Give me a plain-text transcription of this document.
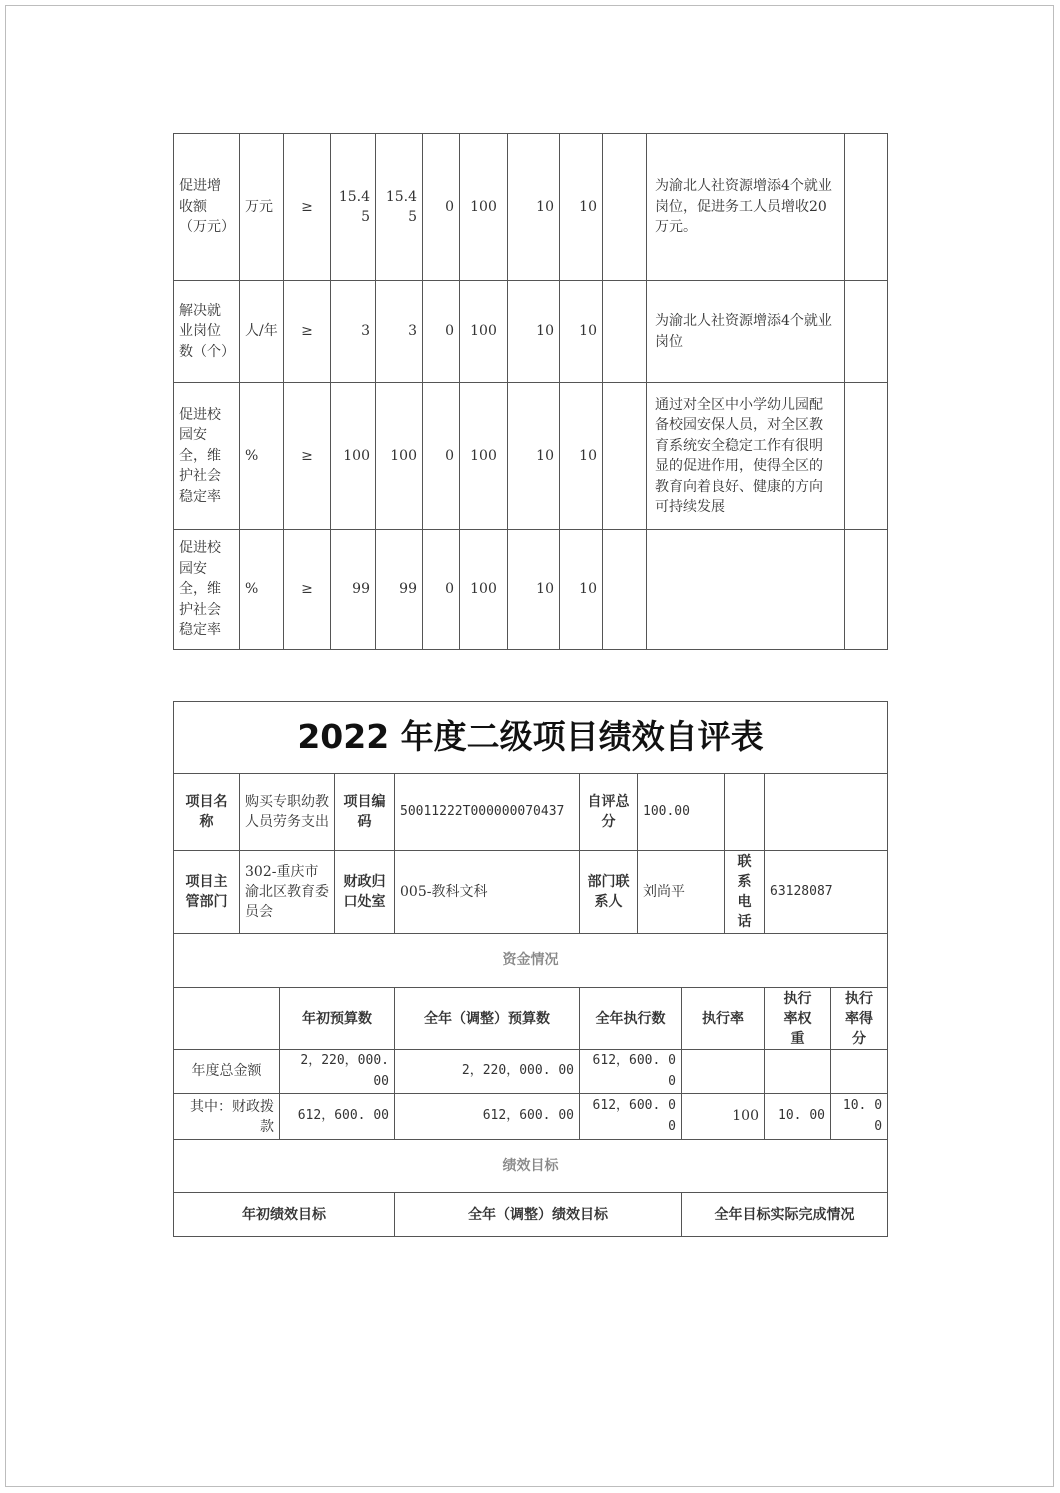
促进增收额（万元）	万元	≥	15.45	15.45	0	100	10	10		为渝北人社资源增添4个就业岗位，促进务工人员增收20万元。	
解决就业岗位数（个）	人/年	≥	3	3	0	100	10	10		为渝北人社资源增添4个就业岗位	
促进校园安全，维护社会稳定率	%	≥	100	100	0	100	10	10		通过对全区中小学幼儿园配备校园安保人员，对全区教育系统安全稳定工作有很明显的促进作用，使得全区的教育向着良好、健康的方向可持续发展	
促进校园安全，维护社会稳定率	%	≥	99	99	0	100	10	10			
2022 年度二级项目绩效自评表										
项目名称	购买专职幼教人员劳务支出		项目编码	50011222T000000070437	自评总分	100.00				
项目主管部门	302-重庆市渝北区教育委员会		财政归口处室	005-教科文科	部门联系人	刘尚平		联系电话	63128087	
资金情况										
		年初预算数		全年（调整）预算数	全年执行数		执行率		执行率权重	执行率得分
年度总金额		2，220，000. 00		2，220，000. 00	612，600. 00					
其中：财政拨款		612，600. 00		612，600. 00	612，600. 00		100		10. 00	10. 00
绩效目标										
年初绩效目标				全年（调整）绩效目标			全年目标实际完成情况			
